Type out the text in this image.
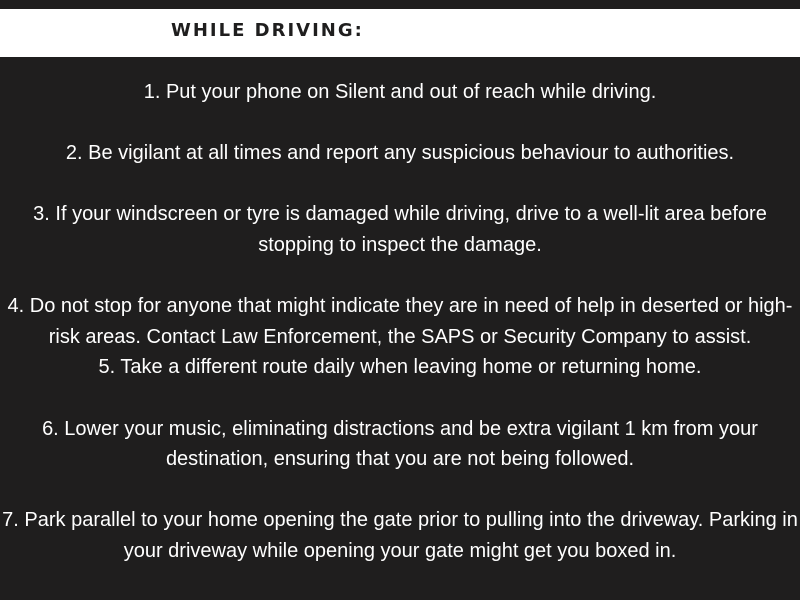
WHILE DRIVING:

1. Put your phone on Silent and out of reach while driving.

2. Be vigilant at all times and report any suspicious behaviour to authorities.

3. If your windscreen or tyre is damaged while driving, drive to a well-lit area before stopping to inspect the damage.

4. Do not stop for anyone that might indicate they are in need of help in deserted or high-risk areas. Contact Law Enforcement, the SAPS or Security Company to assist.

5. Take a different route daily when leaving home or returning home.

6. Lower your music, eliminating distractions and be extra vigilant 1 km from your destination, ensuring that you are not being followed.

7. Park parallel to your home opening the gate prior to pulling into the driveway. Parking in your driveway while opening your gate might get you boxed in.
